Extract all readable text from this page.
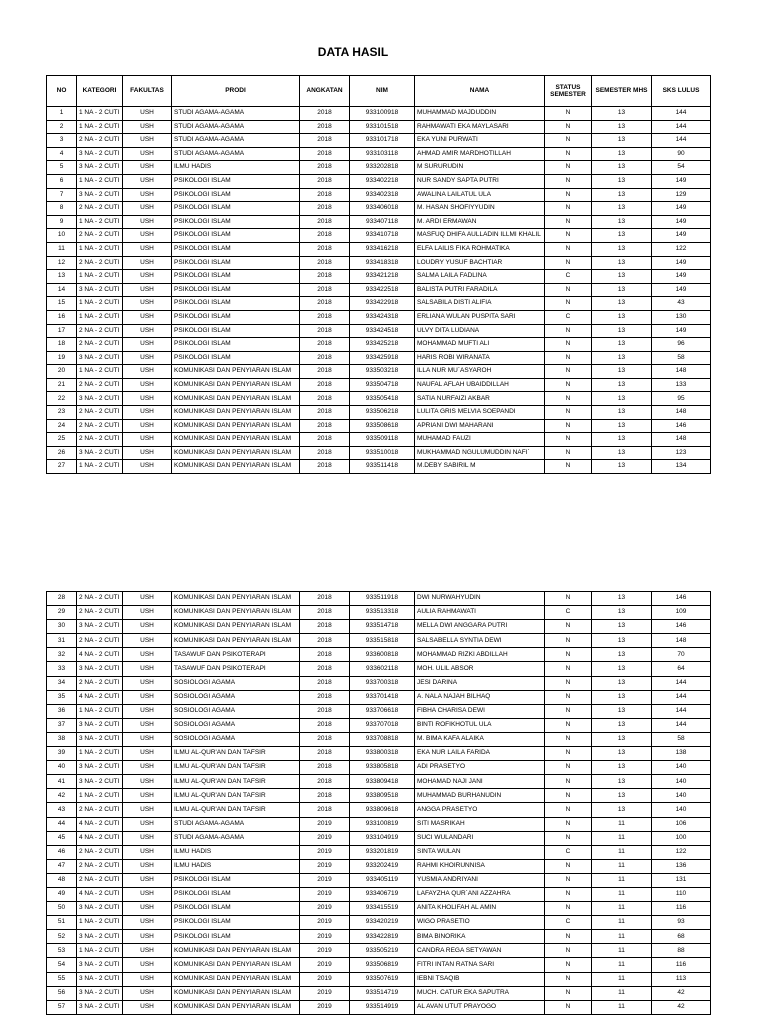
DATA HASIL
NO	KATEGORI	FAKULTAS	PRODI	ANGKATAN	NIM	NAMA	STATUS SEMESTER	SEMESTER MHS	SKS LULUS
1	1 NA - 2 CUTI	USH	STUDI AGAMA-AGAMA	2018	933100918	MUHAMMAD MAJDUDDIN	N	13	144
2	1 NA - 2 CUTI	USH	STUDI AGAMA-AGAMA	2018	933101518	RAHMAWATI EKA MAYLASARI	N	13	144
3	2 NA - 2 CUTI	USH	STUDI AGAMA-AGAMA	2018	933101718	EKA YUNI PURWATI	N	13	144
4	3 NA - 2 CUTI	USH	STUDI AGAMA-AGAMA	2018	933103118	AHMAD AMIR MARDHOTILLAH	N	13	90
5	3 NA - 2 CUTI	USH	ILMU HADIS	2018	933202818	M SURURUDIN	N	13	54
6	1 NA - 2 CUTI	USH	PSIKOLOGI ISLAM	2018	933402218	NUR SANDY SAPTA PUTRI	N	13	149
7	3 NA - 2 CUTI	USH	PSIKOLOGI ISLAM	2018	933402318	AWALINA LAILATUL ULA	N	13	129
8	2 NA - 2 CUTI	USH	PSIKOLOGI ISLAM	2018	933406018	M. HASAN SHOFIYYUDIN	N	13	149
9	1 NA - 2 CUTI	USH	PSIKOLOGI ISLAM	2018	933407118	M. ARDI ERMAWAN	N	13	149
10	2 NA - 2 CUTI	USH	PSIKOLOGI ISLAM	2018	933410718	MASFUQ DHIFA AULLADIN ILLMI KHALIL	N	13	149
11	1 NA - 2 CUTI	USH	PSIKOLOGI ISLAM	2018	933416218	ELFA LAILIS FIKA ROHMATIKA	N	13	122
12	2 NA - 2 CUTI	USH	PSIKOLOGI ISLAM	2018	933418318	LOUDRY YUSUF BACHTIAR	N	13	149
13	1 NA - 2 CUTI	USH	PSIKOLOGI ISLAM	2018	933421218	SALMA LAILA FADLINA	C	13	149
14	3 NA - 2 CUTI	USH	PSIKOLOGI ISLAM	2018	933422518	BALISTA PUTRI FARADILA	N	13	149
15	1 NA - 2 CUTI	USH	PSIKOLOGI ISLAM	2018	933422918	SALSABILA DISTI ALIFIA	N	13	43
16	1 NA - 2 CUTI	USH	PSIKOLOGI ISLAM	2018	933424318	ERLIANA WULAN PUSPITA SARI	C	13	130
17	2 NA - 2 CUTI	USH	PSIKOLOGI ISLAM	2018	933424518	ULVY DITA LUDIANA	N	13	149
18	2 NA - 2 CUTI	USH	PSIKOLOGI ISLAM	2018	933425218	MOHAMMAD MUFTI ALI	N	13	96
19	3 NA - 2 CUTI	USH	PSIKOLOGI ISLAM	2018	933425918	HARIS ROBI WIRANATA	N	13	58
20	1 NA - 2 CUTI	USH	KOMUNIKASI DAN PENYIARAN ISLAM	2018	933503218	ILLA NUR MU`ASYAROH	N	13	148
21	2 NA - 2 CUTI	USH	KOMUNIKASI DAN PENYIARAN ISLAM	2018	933504718	NAUFAL AFLAH UBAIDDILLAH	N	13	133
22	3 NA - 2 CUTI	USH	KOMUNIKASI DAN PENYIARAN ISLAM	2018	933505418	SATIA NURFAIZI AKBAR	N	13	95
23	2 NA - 2 CUTI	USH	KOMUNIKASI DAN PENYIARAN ISLAM	2018	933506218	LULITA GRIS MELVIA SOEPANDI	N	13	148
24	2 NA - 2 CUTI	USH	KOMUNIKASI DAN PENYIARAN ISLAM	2018	933508618	APRIANI DWI MAHARANI	N	13	146
25	2 NA - 2 CUTI	USH	KOMUNIKASI DAN PENYIARAN ISLAM	2018	933509118	MUHAMAD FAUZI	N	13	148
26	3 NA - 2 CUTI	USH	KOMUNIKASI DAN PENYIARAN ISLAM	2018	933510018	MUKHAMMAD NGULUMUDDIN NAFI`	N	13	123
27	1 NA - 2 CUTI	USH	KOMUNIKASI DAN PENYIARAN ISLAM	2018	933511418	M.DEBY SABIRIL M	N	13	134
28	2 NA - 2 CUTI	USH	KOMUNIKASI DAN PENYIARAN ISLAM	2018	933511918	DWI NURWAHYUDIN	N	13	146
29	2 NA - 2 CUTI	USH	KOMUNIKASI DAN PENYIARAN ISLAM	2018	933513318	AULIA RAHMAWATI	C	13	109
30	3 NA - 2 CUTI	USH	KOMUNIKASI DAN PENYIARAN ISLAM	2018	933514718	MELLA DWI ANGGARA PUTRI	N	13	146
31	2 NA - 2 CUTI	USH	KOMUNIKASI DAN PENYIARAN ISLAM	2018	933515818	SALSABELLA SYNTIA DEWI	N	13	148
32	4 NA - 2 CUTI	USH	TASAWUF DAN PSIKOTERAPI	2018	933600818	MOHAMMAD RIZKI ABDILLAH	N	13	70
33	3 NA - 2 CUTI	USH	TASAWUF DAN PSIKOTERAPI	2018	933602118	MOH. ULIL ABSOR	N	13	64
34	2 NA - 2 CUTI	USH	SOSIOLOGI AGAMA	2018	933700318	JESI DARINA	N	13	144
35	4 NA - 2 CUTI	USH	SOSIOLOGI AGAMA	2018	933701418	A. NALA NAJAH BILHAQ	N	13	144
36	1 NA - 2 CUTI	USH	SOSIOLOGI AGAMA	2018	933706618	FIBHA CHARISA DEWI	N	13	144
37	3 NA - 2 CUTI	USH	SOSIOLOGI AGAMA	2018	933707018	BINTI ROFIKHOTUL ULA	N	13	144
38	3 NA - 2 CUTI	USH	SOSIOLOGI AGAMA	2018	933708818	M. BIMA KAFA ALAIKA	N	13	58
39	1 NA - 2 CUTI	USH	ILMU AL-QUR'AN DAN TAFSIR	2018	933800318	EKA NUR LAILA FARIDA	N	13	138
40	3 NA - 2 CUTI	USH	ILMU AL-QUR'AN DAN TAFSIR	2018	933805818	ADI PRASETYO	N	13	140
41	3 NA - 2 CUTI	USH	ILMU AL-QUR'AN DAN TAFSIR	2018	933809418	MOHAMAD NAJI JANI	N	13	140
42	1 NA - 2 CUTI	USH	ILMU AL-QUR'AN DAN TAFSIR	2018	933809518	MUHAMMAD BURHANUDIN	N	13	140
43	2 NA - 2 CUTI	USH	ILMU AL-QUR'AN DAN TAFSIR	2018	933809618	ANGGA PRASETYO	N	13	140
44	4 NA - 2 CUTI	USH	STUDI AGAMA-AGAMA	2019	933100819	SITI MASRIKAH	N	11	106
45	4 NA - 2 CUTI	USH	STUDI AGAMA-AGAMA	2019	933104919	SUCI WULANDARI	N	11	100
46	2 NA - 2 CUTI	USH	ILMU HADIS	2019	933201819	SINTA WULAN	C	11	122
47	2 NA - 2 CUTI	USH	ILMU HADIS	2019	933202419	RAHMI KHOIRUNNISA	N	11	136
48	2 NA - 2 CUTI	USH	PSIKOLOGI ISLAM	2019	933405119	YUSMIA ANDRIYANI	N	11	131
49	4 NA - 2 CUTI	USH	PSIKOLOGI ISLAM	2019	933406719	LAFAYZHA QUR`ANI AZZAHRA	N	11	110
50	3 NA - 2 CUTI	USH	PSIKOLOGI ISLAM	2019	933415519	ANITA KHOLIFAH AL AMIN	N	11	116
51	1 NA - 2 CUTI	USH	PSIKOLOGI ISLAM	2019	933420219	WIGO PRASETIO	C	11	93
52	3 NA - 2 CUTI	USH	PSIKOLOGI ISLAM	2019	933422819	BIMA BINORIKA	N	11	68
53	1 NA - 2 CUTI	USH	KOMUNIKASI DAN PENYIARAN ISLAM	2019	933505219	CANDRA REGA SETYAWAN	N	11	88
54	3 NA - 2 CUTI	USH	KOMUNIKASI DAN PENYIARAN ISLAM	2019	933506819	FITRI INTAN RATNA SARI	N	11	116
55	3 NA - 2 CUTI	USH	KOMUNIKASI DAN PENYIARAN ISLAM	2019	933507619	IEBNI TSAQIB	N	11	113
56	3 NA - 2 CUTI	USH	KOMUNIKASI DAN PENYIARAN ISLAM	2019	933514719	MUCH. CATUR EKA SAPUTRA	N	11	42
57	3 NA - 2 CUTI	USH	KOMUNIKASI DAN PENYIARAN ISLAM	2019	933514919	AL AVAN UTUT PRAYOGO	N	11	42
